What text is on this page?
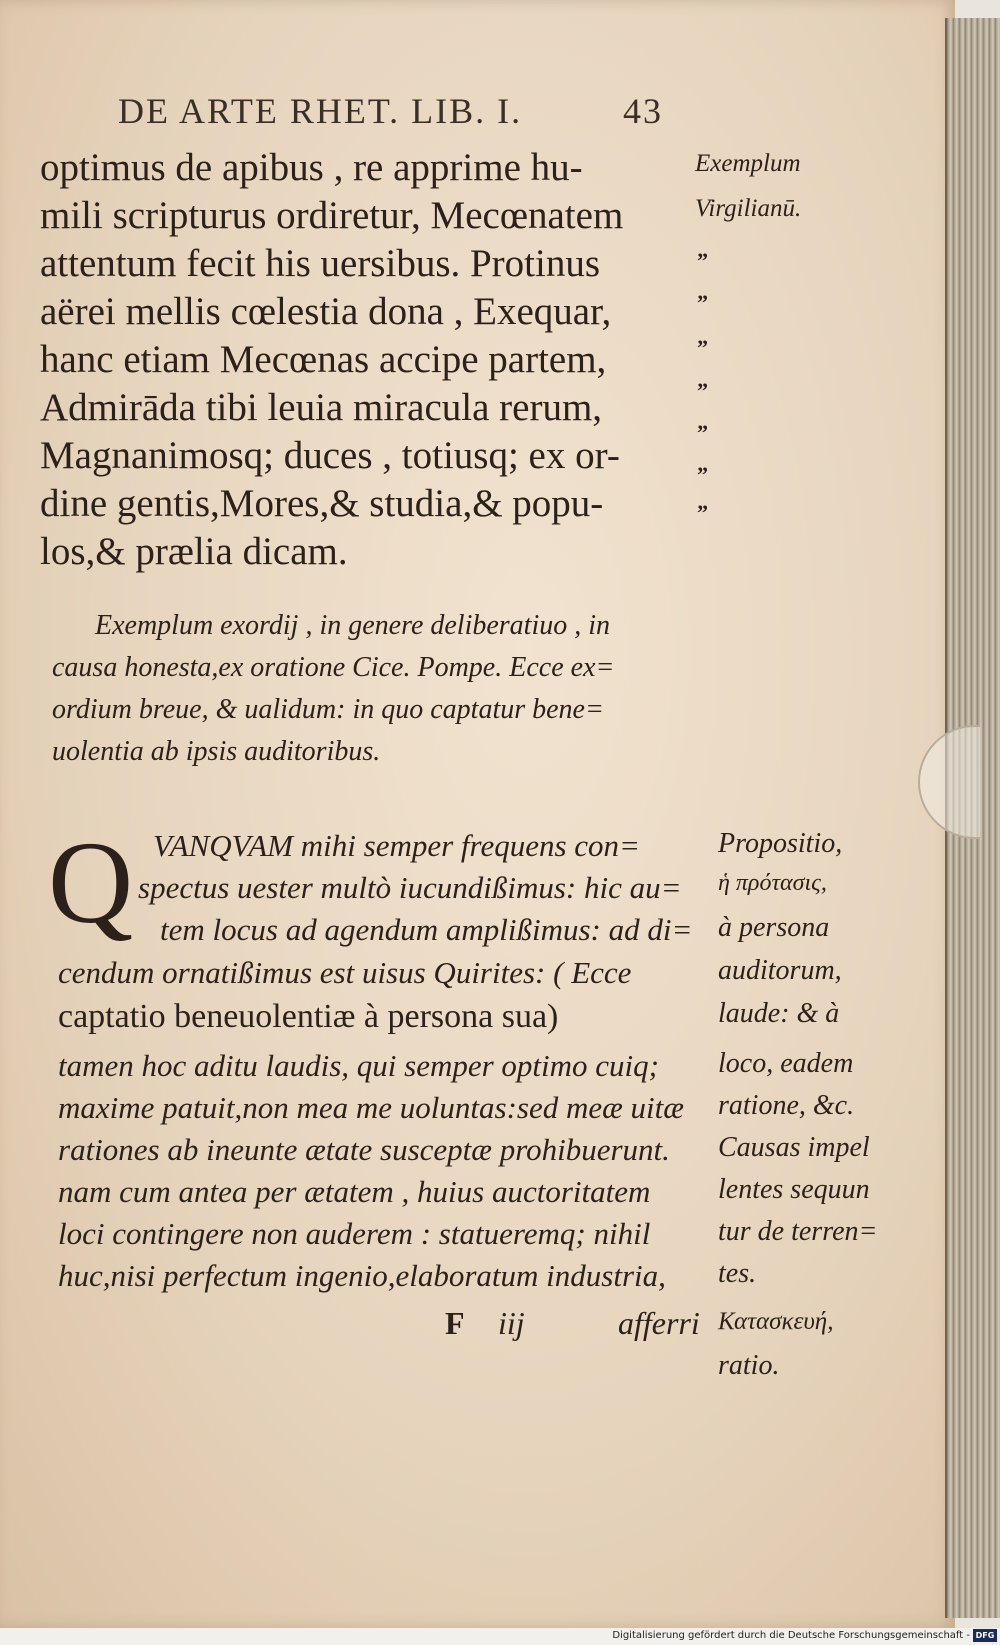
DE ARTE RHET. LIB. I.	43
optimus de apibus , re apprime hu-
mili scripturus ordiretur, Mecœnatem
attentum fecit his uersibus. Protinus
aërei mellis cœlestia dona , Exequar,
hanc etiam Mecœnas accipe partem,
Admirāda tibi leuia miracula rerum,
Magnanimosq; duces , totiusq; ex or-
dine gentis,Mores,& studia,& popu-
los,& prælia dicam.
Exemplum
Virgilianū.
”
”
”
”
”
”
”
Exemplum exordij , in genere deliberatiuo , in
causa honesta,ex oratione Cice. Pompe. Ecce ex=
ordium breue, & ualidum: in quo captatur bene=
uolentia ab ipsis auditoribus.
Q VANQVAM mihi semper frequens con=
spectus uester multò iucundißimus: hic au=
tem locus ad agendum amplißimus: ad di=
cendum ornatißimus est uisus Quirites: ( Ecce
captatio beneuolentiæ à persona sua)
tamen hoc aditu laudis, qui semper optimo cuiq;
maxime patuit,non mea me uoluntas:sed meæ uitæ
rationes ab ineunte ætate susceptæ prohibuerunt.
nam cum antea per ætatem , huius auctoritatem
loci contingere non auderem : statueremq; nihil
huc,nisi perfectum ingenio,elaboratum industria,
Propositio,
ἡ πρότασις,
à persona
auditorum,
laude: & à
loco, eadem
ratione, &c.
Causas impel
lentes sequun
tur de terren=
tes.
F iij	afferri Κατασκευή,
ratio.
Digitalisierung gefördert durch die Deutsche Forschungsgemeinschaft - DFG
